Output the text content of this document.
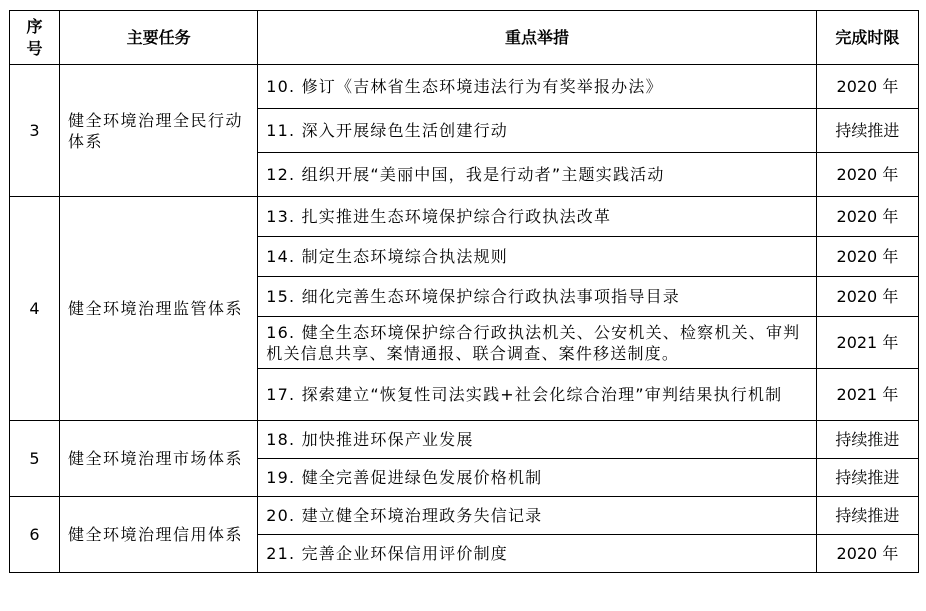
序
号	主要任务	重点举措	完成时限
3	健全环境治理全民行动体系	10. 修订《吉林省生态环境违法行为有奖举报办法》	2020 年
		11. 深入开展绿色生活创建行动	持续推进
		12. 组织开展“美丽中国，我是行动者”主题实践活动	2020 年
4	健全环境治理监管体系	13. 扎实推进生态环境保护综合行政执法改革	2020 年
		14. 制定生态环境综合执法规则	2020 年
		15. 细化完善生态环境保护综合行政执法事项指导目录	2020 年
		16. 健全生态环境保护综合行政执法机关、公安机关、检察机关、审判机关信息共享、案情通报、联合调查、案件移送制度。	2021 年
		17. 探索建立“恢复性司法实践+社会化综合治理”审判结果执行机制	2021 年
5	健全环境治理市场体系	18. 加快推进环保产业发展	持续推进
		19. 健全完善促进绿色发展价格机制	持续推进
6	健全环境治理信用体系	20. 建立健全环境治理政务失信记录	持续推进
		21. 完善企业环保信用评价制度	2020 年
